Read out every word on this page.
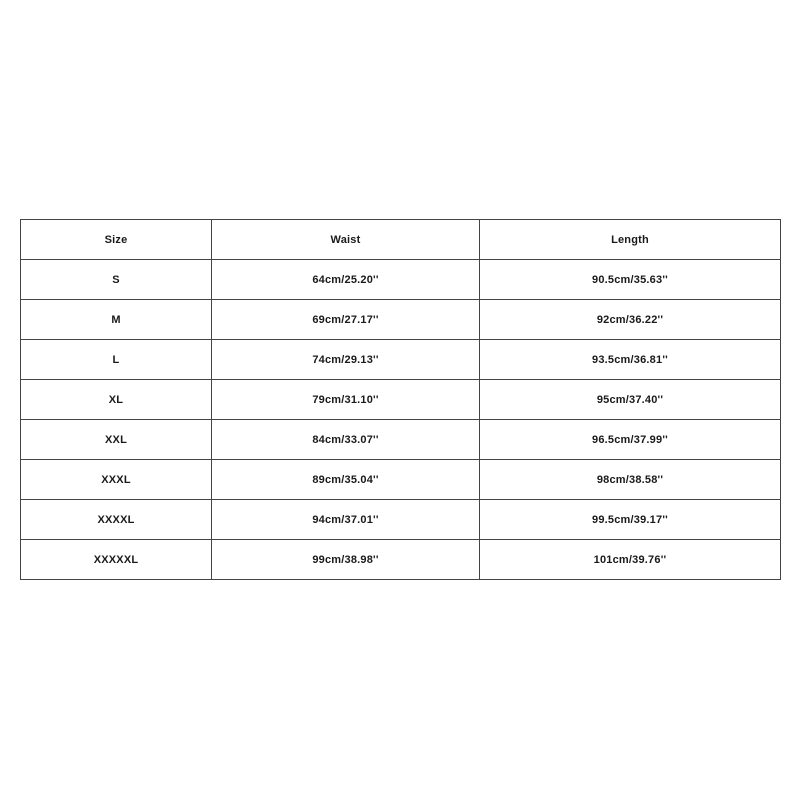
Size	Waist	Length
S	64cm/25.20''	90.5cm/35.63''
M	69cm/27.17''	92cm/36.22''
L	74cm/29.13''	93.5cm/36.81''
XL	79cm/31.10''	95cm/37.40''
XXL	84cm/33.07''	96.5cm/37.99''
XXXL	89cm/35.04''	98cm/38.58''
XXXXL	94cm/37.01''	99.5cm/39.17''
XXXXXL	99cm/38.98''	101cm/39.76''
